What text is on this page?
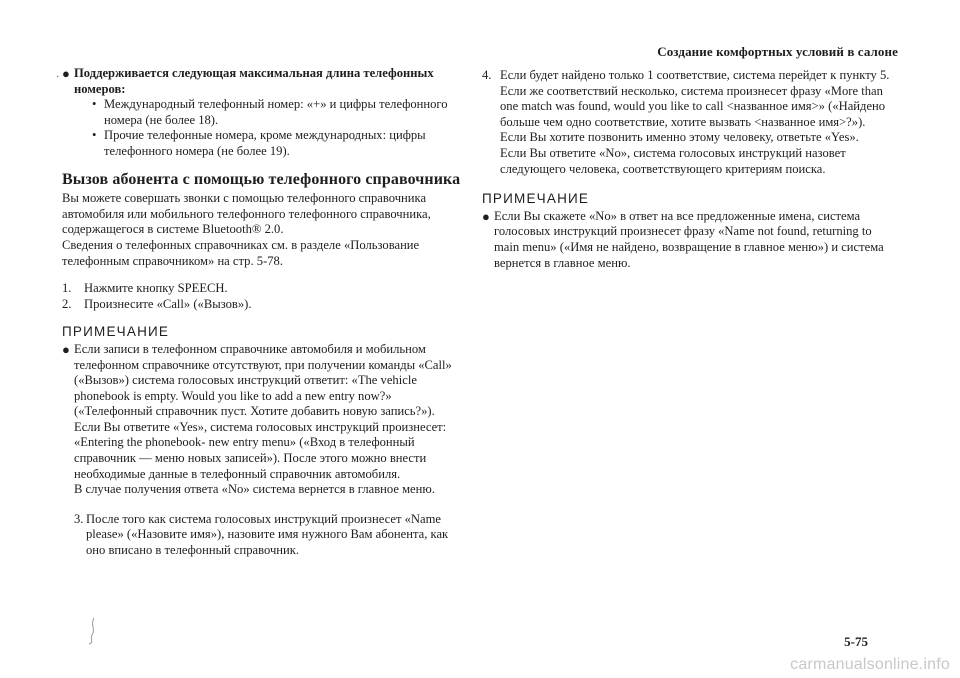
Создание комфортных условий в салоне
· ● Поддерживается следующая максимальная длина телефонных номеров:
• Международный телефонный номер: «+» и цифры телефонного номера (не более 18).
• Прочие телефонные номера, кроме международных: цифры телефонного номера (не более 19).
Вызов абонента с помощью телефонного справочника

Вы можете совершать звонки с помощью телефонного справочника автомобиля или мобильного телефонного телефонного справочника, содержащегося в системе Bluetooth® 2.0.

Сведения о телефонных справочниках см. в разделе «Пользование телефонным справочником» на стр. 5-78.

1. Нажмите кнопку SPEECH.
2. Произнесите «Call» («Вызов»).
ПРИМЕЧАНИЕ
● Если записи в телефонном справочнике автомобиля и мобильном телефонном справочнике отсутствуют, при получении команды «Call» («Вызов») система голосовых инструкций ответит: «The vehicle phonebook is empty. Would you like to add a new entry now?» («Телефонный справочник пуст. Хотите добавить новую запись?»).

Если Вы ответите «Yes», система голосовых инструкций произнесет: «Entering the phonebook- new entry menu» («Вход в телефонный справочник — меню новых записей»). После этого можно внести необходимые данные в телефонный справочник автомобиля.

В случае получения ответа «No» система вернется в главное меню.

3. После того как система голосовых инструкций произнесет «Name please» («Назовите имя»), назовите имя нужного Вам абонента, как оно вписано в телефонный справочник.
4. Если будет найдено только 1 соответствие, система перейдет к пункту 5.

Если же соответствий несколько, система произнесет фразу «More than one match was found, would you like to call <названное имя>» («Найдено больше чем одно соответствие, хотите вызвать <названное имя>?»). Если Вы хотите позвонить именно этому человеку, ответьте «Yes».

Если Вы ответите «No», система голосовых инструкций назовет следующего человека, соответствующего критериям поиска.

ПРИМЕЧАНИЕ
● Если Вы скажете «No» в ответ на все предложенные имена, система голосовых инструкций произнесет фразу «Name not found, returning to main menu» («Имя не найдено, возвращение в главное меню») и система вернется в главное меню.

5-75
carmanualsonline.info
